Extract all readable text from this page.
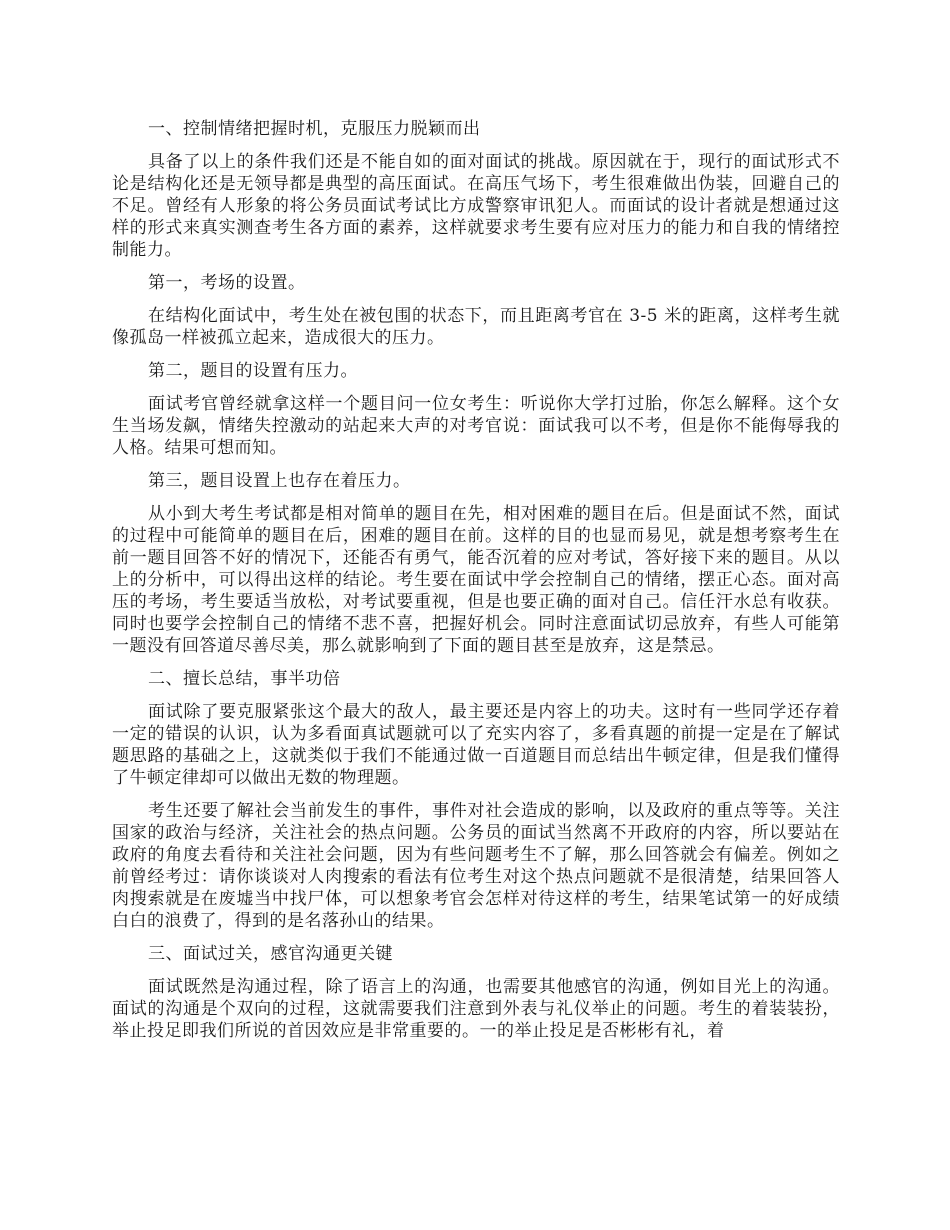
一、控制情绪把握时机，克服压力脱颖而出

具备了以上的条件我们还是不能自如的面对面试的挑战。原因就在于，现行的面试形式不论是结构化还是无领导都是典型的高压面试。在高压气场下，考生很难做出伪装，回避自己的不足。曾经有人形象的将公务员面试考试比方成警察审讯犯人。而面试的设计者就是想通过这样的形式来真实测查考生各方面的素养，这样就要求考生要有应对压力的能力和自我的情绪控制能力。

第一，考场的设置。

在结构化面试中，考生处在被包围的状态下，而且距离考官在 3-5 米的距离，这样考生就像孤岛一样被孤立起来，造成很大的压力。

第二，题目的设置有压力。

面试考官曾经就拿这样一个题目问一位女考生：听说你大学打过胎，你怎么解释。这个女生当场发飙，情绪失控激动的站起来大声的对考官说：面试我可以不考，但是你不能侮辱我的人格。结果可想而知。

第三，题目设置上也存在着压力。

从小到大考生考试都是相对简单的题目在先，相对困难的题目在后。但是面试不然，面试的过程中可能简单的题目在后，困难的题目在前。这样的目的也显而易见，就是想考察考生在前一题目回答不好的情况下，还能否有勇气，能否沉着的应对考试，答好接下来的题目。从以上的分析中，可以得出这样的结论。考生要在面试中学会控制自己的情绪，摆正心态。面对高压的考场，考生要适当放松，对考试要重视，但是也要正确的面对自己。信任汗水总有收获。同时也要学会控制自己的情绪不悲不喜，把握好机会。同时注意面试切忌放弃，有些人可能第一题没有回答道尽善尽美，那么就影响到了下面的题目甚至是放弃，这是禁忌。

二、擅长总结，事半功倍

面试除了要克服紧张这个最大的敌人，最主要还是内容上的功夫。这时有一些同学还存着一定的错误的认识，认为多看面真试题就可以了充实内容了，多看真题的前提一定是在了解试题思路的基础之上，这就类似于我们不能通过做一百道题目而总结出牛顿定律，但是我们懂得了牛顿定律却可以做出无数的物理题。

考生还要了解社会当前发生的事件，事件对社会造成的影响，以及政府的重点等等。关注国家的政治与经济，关注社会的热点问题。公务员的面试当然离不开政府的内容，所以要站在政府的角度去看待和关注社会问题，因为有些问题考生不了解，那么回答就会有偏差。例如之前曾经考过：请你谈谈对人肉搜索的看法有位考生对这个热点问题就不是很清楚，结果回答人肉搜索就是在废墟当中找尸体，可以想象考官会怎样对待这样的考生，结果笔试第一的好成绩白白的浪费了，得到的是名落孙山的结果。

三、面试过关，感官沟通更关键

面试既然是沟通过程，除了语言上的沟通，也需要其他感官的沟通，例如目光上的沟通。面试的沟通是个双向的过程，这就需要我们注意到外表与礼仪举止的问题。考生的着装装扮，举止投足即我们所说的首因效应是非常重要的。一的举止投足是否彬彬有礼，着
